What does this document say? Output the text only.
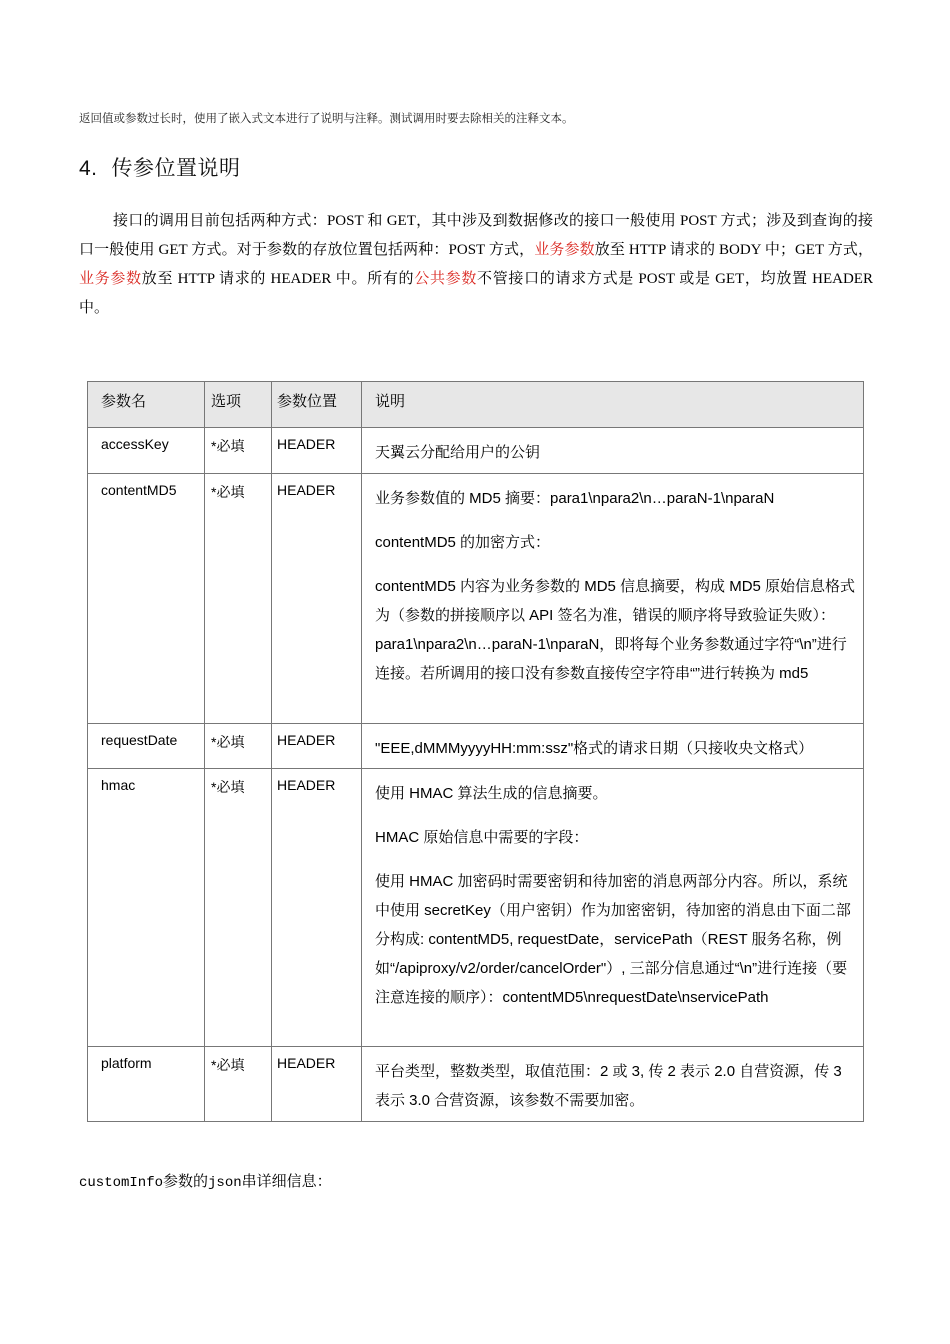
返回值或参数过长时，使用了嵌入式文本进行了说明与注释。测试调用时要去除相关的注释文本。
4. 传参位置说明
接口的调用目前包括两种方式：POST 和 GET，其中涉及到数据修改的接口一般使用 POST 方式；涉及到查询的接口一般使用 GET 方式。对于参数的存放位置包括两种：POST 方式，业务参数放至 HTTP 请求的 BODY 中；GET 方式，业务参数放至 HTTP 请求的 HEADER 中。所有的公共参数不管接口的请求方式是 POST 或是 GET，均放置 HEADER 中。
参数名	选项	参数位置	说明
accessKey	*必填	HEADER	天翼云分配给用户的公钥

contentMD5	*必填	HEADER	业务参数值的 MD5 摘要：para1\npara2\n…paraN-1\nparaN

contentMD5 的加密方式：

contentMD5 内容为业务参数的 MD5 信息摘要，构成 MD5 原始信息格式为（参数的拼接顺序以 API 签名为准，错误的顺序将导致验证失败）：para1\npara2\n…paraN-1\nparaN，即将每个业务参数通过字符“\n”进行连接。若所调用的接口没有参数直接传空字符串“”进行转换为 md5

requestDate	*必填	HEADER	"EEE,dMMMyyyyHH:mm:ssz"格式的请求日期（只接收央文格式）

hmac	*必填	HEADER	使用 HMAC 算法生成的信息摘要。

HMAC 原始信息中需要的字段：

使用 HMAC 加密码时需要密钥和待加密的消息两部分内容。所以，系统中使用 secretKey（用户密钥）作为加密密钥，待加密的消息由下面二部分构成: contentMD5, requestDate，servicePath（REST 服务名称，例如“/apiproxy/v2/order/cancelOrder"）, 三部分信息通过“\n”进行连接（要注意连接的顺序）：contentMD5\nrequestDate\nservicePath

platform	*必填	HEADER	平台类型，整数类型，取值范围：2 或 3, 传 2 表示 2.0 自营资源，传 3 表示 3.0 合营资源，该参数不需要加密。

customInfo参数的json串详细信息：
